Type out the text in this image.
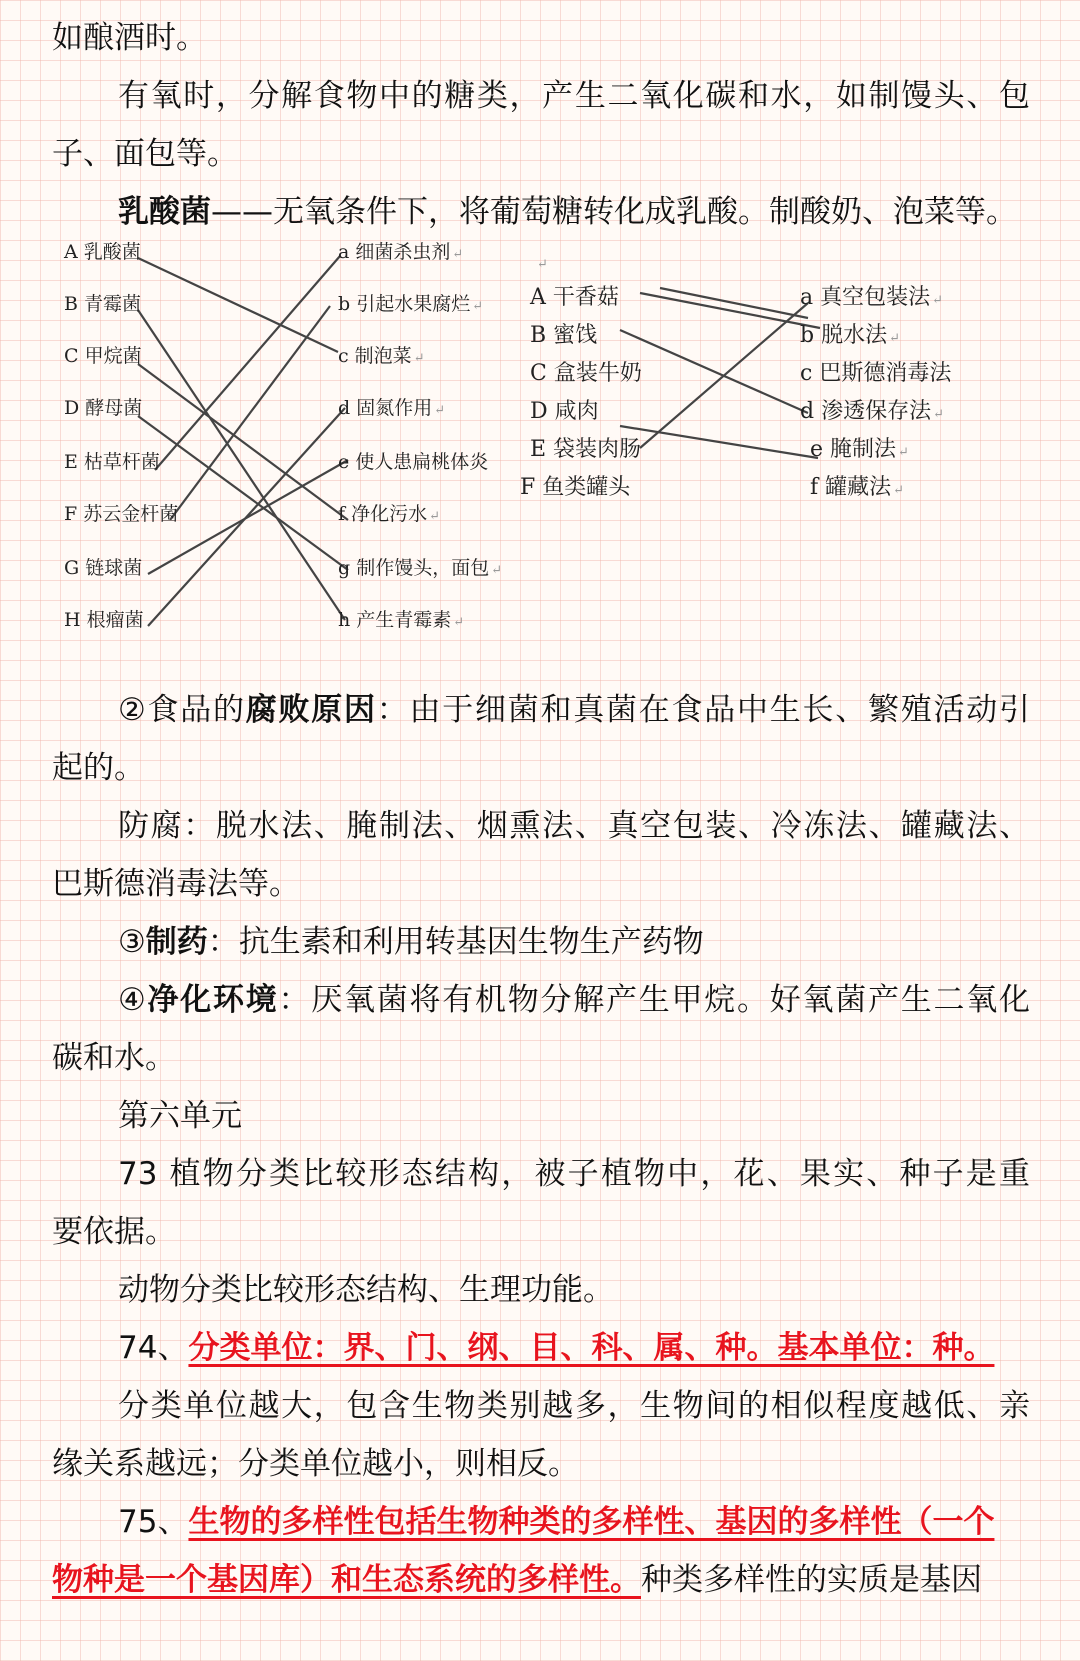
如酿酒时。
有氧时，分解食物中的糖类，产生二氧化碳和水，如制馒头、包
子、面包等。
乳酸菌——无氧条件下，将葡萄糖转化成乳酸。制酸奶、泡菜等。
A 乳酸菌
B 青霉菌
C 甲烷菌
D 酵母菌
E 枯草杆菌
F 苏云金杆菌
G 链球菌
H 根瘤菌
a 细菌杀虫剂 ↵
b 引起水果腐烂 ↵
c 制泡菜 ↵
d 固氮作用 ↵
e 使人患扁桃体炎
f 净化污水 ↵
g 制作馒头，面包 ↵
h 产生青霉素 ↵
↵
A 干香菇
B 蜜饯
C 盒装牛奶
D 咸肉
E 袋装肉肠
F 鱼类罐头
a 真空包装法 ↵
b 脱水法 ↵
c 巴斯德消毒法
d 渗透保存法 ↵
e 腌制法 ↵
f 罐藏法 ↵
②食品的腐败原因：由于细菌和真菌在食品中生长、繁殖活动引
起的。
防腐：脱水法、腌制法、烟熏法、真空包装、冷冻法、罐藏法、
巴斯德消毒法等。
③制药：抗生素和利用转基因生物生产药物
④净化环境：厌氧菌将有机物分解产生甲烷。好氧菌产生二氧化
碳和水。
第六单元
73 植物分类比较形态结构，被子植物中，花、果实、种子是重
要依据。
动物分类比较形态结构、生理功能。
74、分类单位：界、门、纲、目、科、属、种。基本单位：种。
分类单位越大，包含生物类别越多，生物间的相似程度越低、亲
缘关系越远；分类单位越小，则相反。
75、生物的多样性包括生物种类的多样性、基因的多样性（一个
物种是一个基因库）和生态系统的多样性。种类多样性的实质是基因
